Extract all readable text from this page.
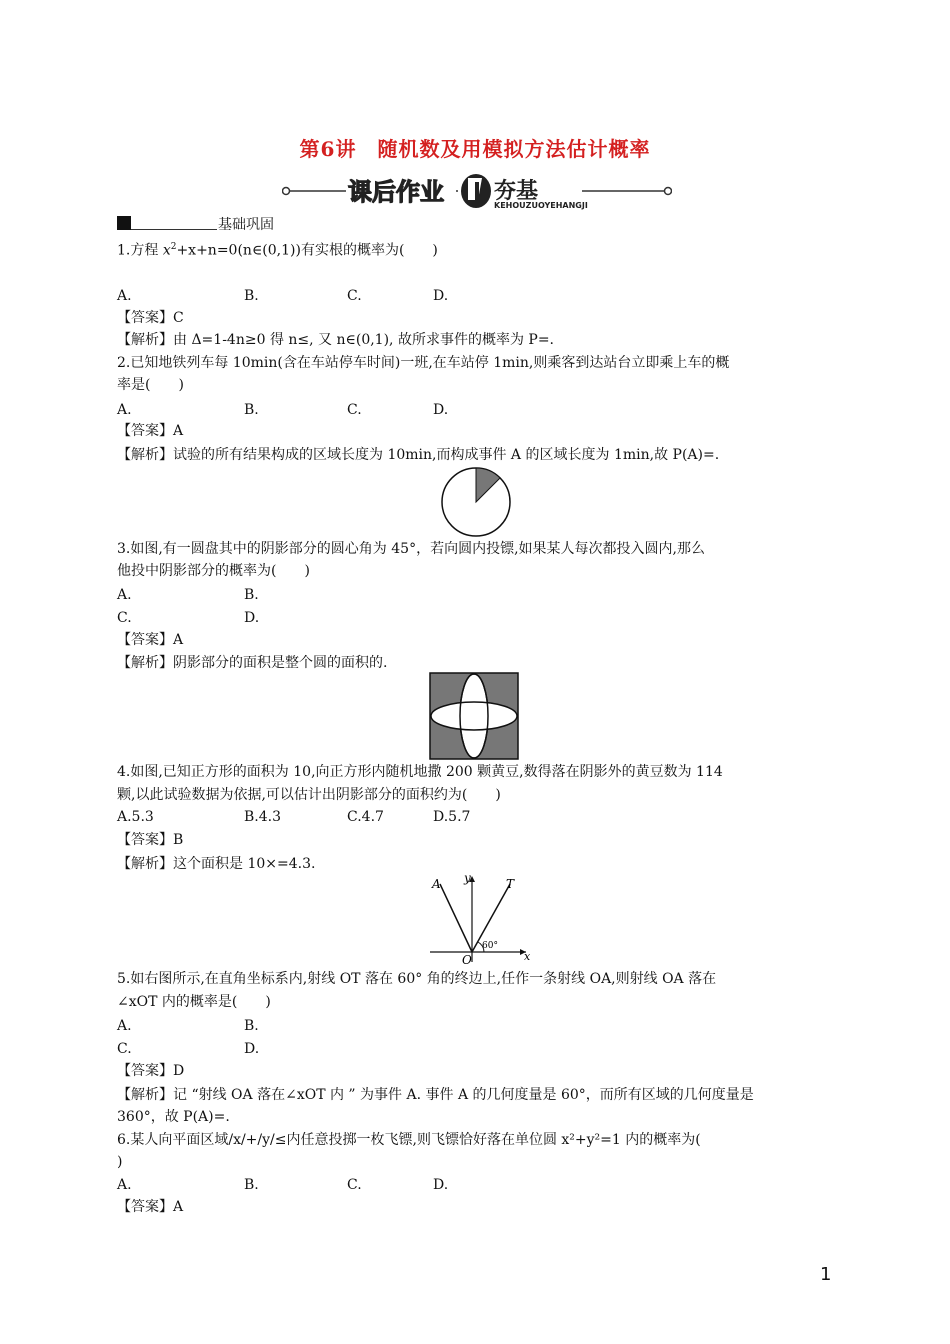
第6讲　随机数及用模拟方法估计概率
课后作业 夯基
KEHOUZUOYEHANGJI
基础巩固
1.方程 $x^2+x+n=0(n\in(0,1))$有实根的概率为(　　)
A.	B.	C.	D.
【答案】C
【解析】由 Δ=1-4n≥0 得 n≤, 又 n∈(0,1), 故所求事件的概率为 P=.
2.已知地铁列车每 10min(含在车站停车时间)一班,在车站停 1min,则乘客到达站台立即乘上车的概
率是(　　)
A.	B.	C.	D.
【答案】A
【解析】试验的所有结果构成的区域长度为 10min,而构成事件 A 的区域长度为 1min,故 P(A)=.
3.如图,有一圆盘其中的阴影部分的圆心角为 45°，若向圆内投镖,如果某人每次都投入圆内,那么
他投中阴影部分的概率为(　　)
A.	B.
C.	D.
【答案】A
【解析】阴影部分的面积是整个圆的面积的.
4.如图,已知正方形的面积为 10,向正方形内随机地撒 200 颗黄豆,数得落在阴影外的黄豆数为 114
颗,以此试验数据为依据,可以估计出阴影部分的面积约为(　　)
A.5.3	B.4.3	C.4.7	D.5.7
【答案】B
【解析】这个面积是 10×=4.3.
A y	T
O	x
60°
5.如右图所示,在直角坐标系内,射线 OT 落在 60° 角的终边上,任作一条射线 OA,则射线 OA 落在
∠xOT 内的概率是(　　)
A.	B.
C.	D.
【答案】D
【解析】记 “射线 OA 落在∠xOT 内 ” 为事件 A. 事件 A 的几何度量是 60°，而所有区域的几何度量是
360°，故 P(A)=.
6.某人向平面区域/x/+/y/≤内任意投掷一枚飞镖,则飞镖恰好落在单位圆 x²+y²=1 内的概率为(
)
A.	B.	C.	D.
【答案】A
1
